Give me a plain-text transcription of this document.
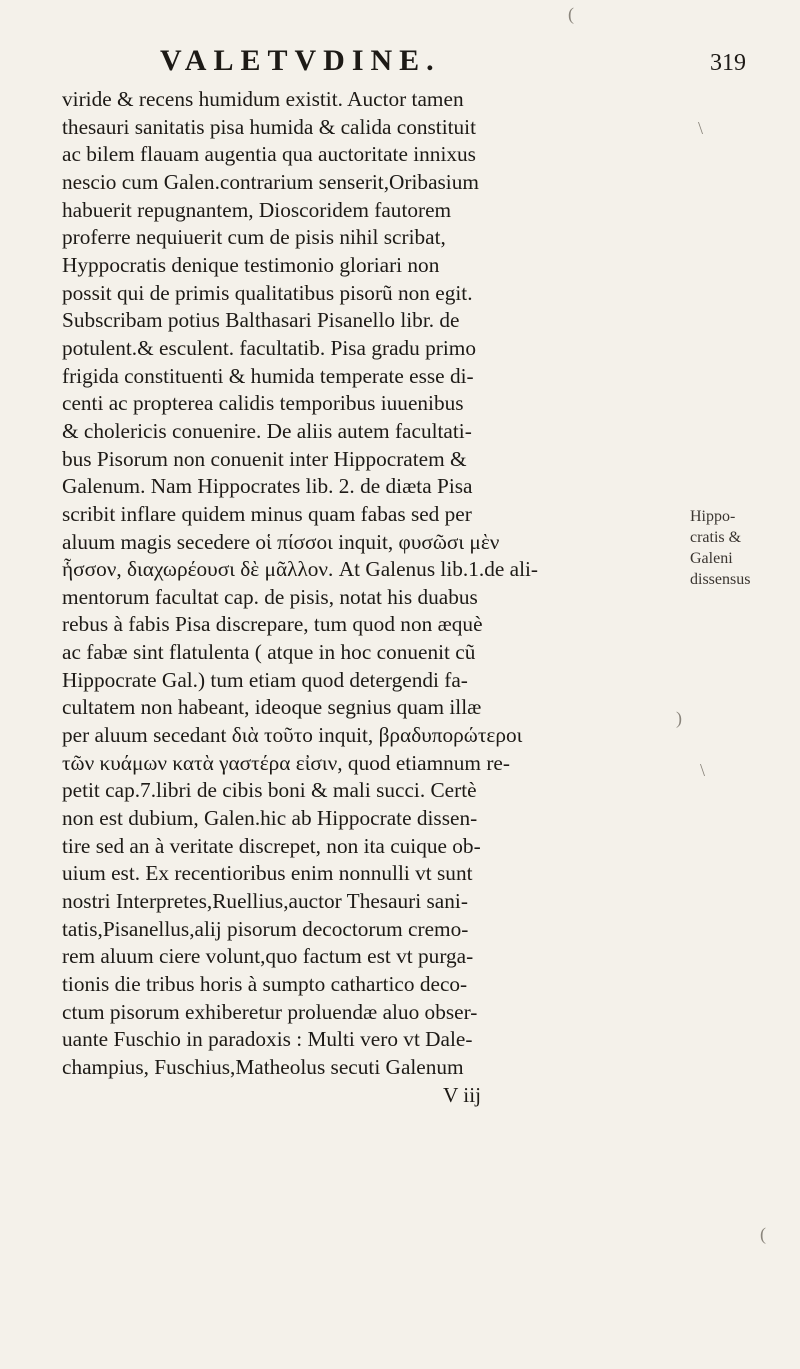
VALETVDINE.	319
viride & recens humidum existit. Auctor tamen
thesauri sanitatis pisa humida & calida constituit
ac bilem flauam augentia qua auctoritate innixus
nescio cum Galen.contrarium senserit,Oribasium
habuerit repugnantem, Dioscoridem fautorem
proferre nequiuerit cum de pisis nihil scribat,
Hyppocratis denique testimonio gloriari non
possit qui de primis qualitatibus pisorũ non egit.
Subscribam potius Balthasari Pisanello libr. de
potulent.& esculent. facultatib. Pisa gradu primo
frigida constituenti & humida temperate esse di-
centi ac propterea calidis temporibus iuuenibus
& cholericis conuenire. De aliis autem facultati-
bus Pisorum non conuenit inter Hippocratem &
Galenum. Nam Hippocrates lib. 2. de diæta Pisa
scribit inflare quidem minus quam fabas sed per
aluum magis secedere οἱ πίσσοι inquit, φυσῶσι μὲν
ἧσσον, διαχωρέουσι δὲ μᾶλλον. At Galenus lib.1.de ali-
mentorum facultat cap. de pisis, notat his duabus
rebus à fabis Pisa discrepare, tum quod non æquè
ac fabæ sint flatulenta ( atque in hoc conuenit cũ
Hippocrate Gal.) tum etiam quod detergendi fa-
cultatem non habeant, ideoque segnius quam illæ
per aluum secedant διὰ τοῦτο inquit, βραδυπορώτεροι
τῶν κυάμων κατὰ γαστέρα εἰσιν, quod etiamnum re-
petit cap.7.libri de cibis boni & mali succi. Certè
non est dubium, Galen.hic ab Hippocrate dissen-
tire sed an à veritate discrepet, non ita cuique ob-
uium est. Ex recentioribus enim nonnulli vt sunt
nostri Interpretes,Ruellius,auctor Thesauri sani-
tatis,Pisanellus,alij pisorum decoctorum cremo-
rem aluum ciere volunt,quo factum est vt purga-
tionis die tribus horis à sumpto cathartico deco-
ctum pisorum exhiberetur proluendæ aluo obser-
uante Fuschio in paradoxis : Multi vero vt Dale-
champius, Fuschius,Matheolus secuti Galenum
V iij
Hippo-
cratis &
Galeni
dissensus
(
\
(
)
\
